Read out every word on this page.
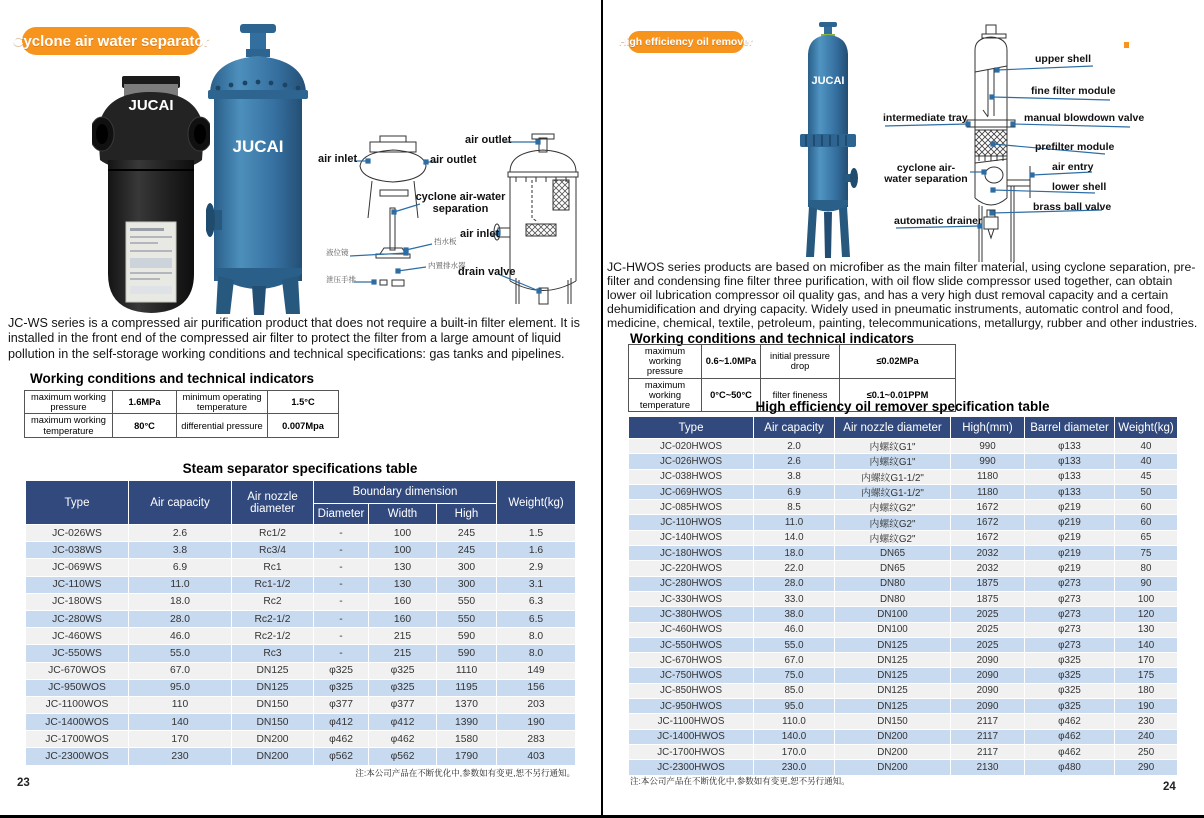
Cyclone air water separator
JUCAI
JUCAI
air inlet	air outlet
cyclone air-water separation
挡水板
液位镜
内置排水器
泄压手排
air outlet
air inlet
drain valve

JC-WS series is a compressed air purification product that does not require a built-in filter element. It is installed in the front end of the compressed air filter to protect the filter from a large amount of liquid pollution in the self-storage working conditions and technical specifications: gas tanks and pipelines.

Working conditions and technical indicators
maximum working pressure	1.6MPa	minimum operating temperature	1.5°C
maximum working temperature	80°C	differential pressure	0.007Mpa
Steam separator specifications table
Type	Air capacity	Air nozzle diameter	Boundary dimension			Weight(kg)
			Diameter	Width	High	
JC-026WS	2.6	Rc1/2	-	100	245	1.5
JC-038WS	3.8	Rc3/4	-	100	245	1.6
JC-069WS	6.9	Rc1	-	130	300	2.9
JC-110WS	11.0	Rc1-1/2	-	130	300	3.1
JC-180WS	18.0	Rc2	-	160	550	6.3
JC-280WS	28.0	Rc2-1/2	-	160	550	6.5
JC-460WS	46.0	Rc2-1/2	-	215	590	8.0
JC-550WS	55.0	Rc3	-	215	590	8.0
JC-670WOS	67.0	DN125	φ325	φ325	1110	149
JC-950WOS	95.0	DN125	φ325	φ325	1195	156
JC-1100WOS	110	DN150	φ377	φ377	1370	203
JC-1400WOS	140	DN150	φ412	φ412	1390	190
JC-1700WOS	170	DN200	φ462	φ462	1580	283
JC-2300WOS	230	DN200	φ562	φ562	1790	403
注:本公司产品在不断优化中,参数如有变更,恕不另行通知。
23
High efficiency oil remover
JUCAI
upper shell
fine filter module
intermediate tray	manual blowdown valve
prefilter module
cyclone air-water separation
air entry
lower shell
brass ball valve
automatic drainer

JC-HWOS series products are based on microfiber as the main filter material, using cyclone separation, pre-filter and condensing fine filter three purification, with oil flow slide compressor used together, can obtain lower oil lubrication compressor oil quality gas, and has a very high dust removal capacity and a certain dehumidification and drying capacity. Widely used in pneumatic instruments, automatic control and food, medicine, chemical, textile, petroleum, painting, telecommunications, metallurgy, rubber and other industries.

Working conditions and technical indicators
maximum working pressure	0.6~1.0MPa	initial pressure drop	≤0.02MPa
maximum working temperature	0°C~50°C	filter fineness	≤0.1~0.01PPM
High efficiency oil remover specification table
Type	Air capacity	Air nozzle diameter	High(mm)	Barrel diameter	Weight(kg)
JC-020HWOS	2.0	内螺纹G1"	990	φ133	40
JC-026HWOS	2.6	内螺纹G1"	990	φ133	40
JC-038HWOS	3.8	内螺纹G1-1/2"	1180	φ133	45
JC-069HWOS	6.9	内螺纹G1-1/2"	1180	φ133	50
JC-085HWOS	8.5	内螺纹G2"	1672	φ219	60
JC-110HWOS	11.0	内螺纹G2"	1672	φ219	60
JC-140HWOS	14.0	内螺纹G2"	1672	φ219	65
JC-180HWOS	18.0	DN65	2032	φ219	75
JC-220HWOS	22.0	DN65	2032	φ219	80
JC-280HWOS	28.0	DN80	1875	φ273	90
JC-330HWOS	33.0	DN80	1875	φ273	100
JC-380HWOS	38.0	DN100	2025	φ273	120
JC-460HWOS	46.0	DN100	2025	φ273	130
JC-550HWOS	55.0	DN125	2025	φ273	140
JC-670HWOS	67.0	DN125	2090	φ325	170
JC-750HWOS	75.0	DN125	2090	φ325	175
JC-850HWOS	85.0	DN125	2090	φ325	180
JC-950HWOS	95.0	DN125	2090	φ325	190
JC-1100HWOS	110.0	DN150	2117	φ462	230
JC-1400HWOS	140.0	DN200	2117	φ462	240
JC-1700HWOS	170.0	DN200	2117	φ462	250
JC-2300HWOS	230.0	DN200	2130	φ480	290
注:本公司产品在不断优化中,参数如有变更,恕不另行通知。	24
